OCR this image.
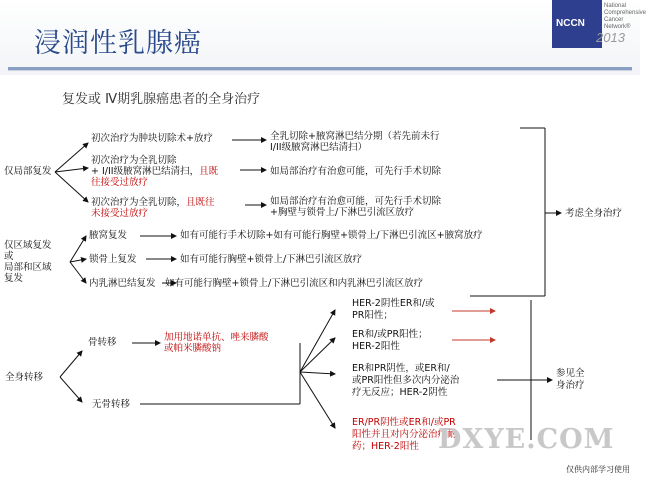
浸润性乳腺癌
NCCN
National
Comprehensive
Cancer
Network®
2013
复发或 Ⅳ期乳腺癌患者的全身治疗
仅局部复发
初次治疗为肿块切除术+放疗	全乳切除+腋窝淋巴结分期（若先前未行
I/II级腋窝淋巴结清扫）
初次治疗为全乳切除
+ I/II级腋窝淋巴结清扫，且既
往接受过放疗
如局部治疗有治愈可能，可先行手术切除
初次治疗为全乳切除，且既往
未接受过放疗
如局部治疗有治愈可能，可先行手术切除
+胸壁与锁骨上/下淋巴引流区放疗
仅区域复发
或
局部和区域
复发
腋窝复发	如有可能行手术切除+如有可能行胸壁+锁骨上/下淋巴引流区+腋窝放疗
锁骨上复发	如有可能行胸壁+锁骨上/下淋巴引流区放疗
内乳淋巴结复发 如有可能行胸壁+锁骨上/下淋巴引流区和内乳淋巴引流区放疗
考虑全身治疗
全身转移
骨转移	加用地诺单抗、唑来膦酸
或帕米膦酸钠
无骨转移
HER-2阴性ER和/或
PR阳性；
ER和/或PR阳性；
HER-2阳性
ER和PR阴性，或ER和/
或PR阳性但多次内分泌治
疗无反应；HER-2阴性
ER/PR阴性或ER和/或PR
阳性并且对内分泌治疗耐
药；HER-2阳性
参见全
身治疗
DXYE.COM
仅供内部学习使用
